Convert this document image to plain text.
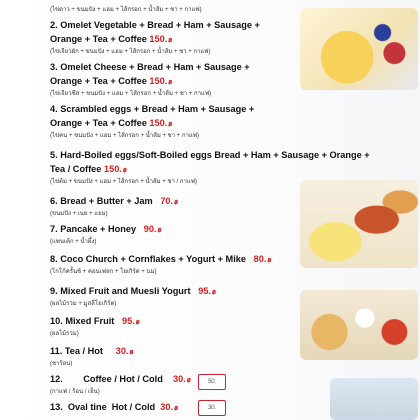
50.
30.
(ไข่ดาว + ขนมปัง + แฮม + ไส้กรอก + น้ำส้ม + ชา + กาแฟ)
2. Omelet Vegetable + Bread + Ham + Sausage +
Orange + Tea + Coffee 150.฿
(ไข่เจียวผัก + ขนมปัง + แฮม + ไส้กรอก + น้ำส้ม + ชา + กาแฟ)
3. Omelet Cheese + Bread + Ham + Sausage +
Orange + Tea + Coffee 150.฿
(ไข่เจียวชีส + ขนมปัง + แฮม + ไส้กรอก + น้ำส้ม + ชา + กาแฟ)
4. Scrambled eggs + Bread + Ham + Sausage +
Orange + Tea + Coffee 150.฿
(ไข่คน + ขนมปัง + แฮม + ไส้กรอก + น้ำส้ม + ชา + กาแฟ)
5. Hard-Boiled eggs/Soft-Boiled eggs Bread + Ham + Sausage + Orange +
Tea / Coffee 150.฿
(ไข่ต้ม + ขนมปัง + แฮม + ไส้กรอก + น้ำส้ม + ชา / กาแฟ)
6. Bread + Butter + Jam 70.฿
(ขนมปัง + เนย + แยม)
7. Pancake + Honey 90.฿
(แพนเค้ก + น้ำผึ้ง)
8. Coco Church + Cornflakes + Yogurt + Mike 80.฿
(โกโก้ครั้นช์ + คอนเฟลก + โยเกิร์ต + นม)
9. Mixed Fruit and Muesli Yogurt 95.฿
(ผลไม้รวม + มูสลี่โยเกิร์ต)
10. Mixed Fruit 95.฿
(ผลไม้รวม)
11. Tea / Hot 30.฿
(ชาร้อน)
12.        Coffee / Hot / Cold 30.฿
(กาแฟ / ร้อน / เย็น)
13.  Oval tine  Hot / Cold 30.฿
